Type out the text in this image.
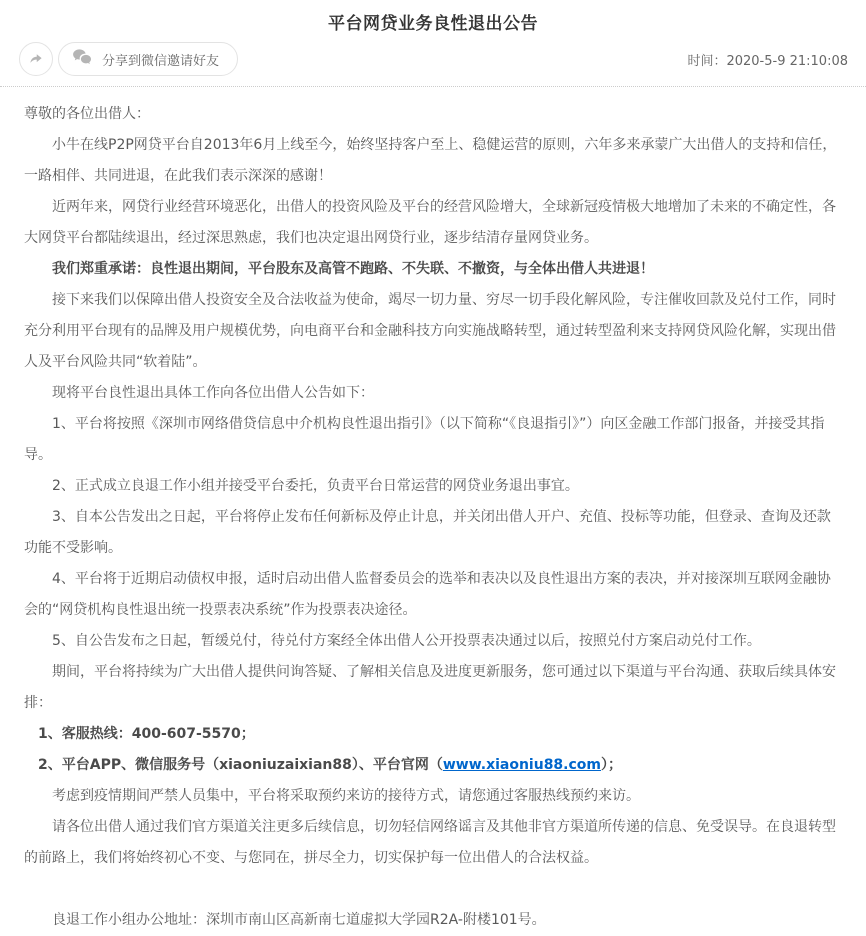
平台网贷业务良性退出公告
分享到微信邀请好友	时间：2020-5-9 21:10:08

尊敬的各位出借人：

小牛在线P2P网贷平台自2013年6月上线至今，始终坚持客户至上、稳健运营的原则，六年多来承蒙广大出借人的支持和信任，一路相伴、共同进退，在此我们表示深深的感谢！

近两年来，网贷行业经营环境恶化，出借人的投资风险及平台的经营风险增大，全球新冠疫情极大地增加了未来的不确定性，各大网贷平台都陆续退出，经过深思熟虑，我们也决定退出网贷行业，逐步结清存量网贷业务。

我们郑重承诺：良性退出期间，平台股东及高管不跑路、不失联、不撤资，与全体出借人共进退！

接下来我们以保障出借人投资安全及合法收益为使命，竭尽一切力量、穷尽一切手段化解风险，专注催收回款及兑付工作，同时充分利用平台现有的品牌及用户规模优势，向电商平台和金融科技方向实施战略转型，通过转型盈利来支持网贷风险化解，实现出借人及平台风险共同“软着陆”。

现将平台良性退出具体工作向各位出借人公告如下：

1、平台将按照《深圳市网络借贷信息中介机构良性退出指引》（以下简称“《良退指引》”）向区金融工作部门报备，并接受其指导。

2、正式成立良退工作小组并接受平台委托，负责平台日常运营的网贷业务退出事宜。

3、自本公告发出之日起，平台将停止发布任何新标及停止计息，并关闭出借人开户、充值、投标等功能，但登录、查询及还款功能不受影响。

4、平台将于近期启动债权申报，适时启动出借人监督委员会的选举和表决以及良性退出方案的表决，并对接深圳互联网金融协会的“网贷机构良性退出统一投票表决系统”作为投票表决途径。

5、自公告发布之日起，暂缓兑付，待兑付方案经全体出借人公开投票表决通过以后，按照兑付方案启动兑付工作。

期间，平台将持续为广大出借人提供问询答疑、了解相关信息及进度更新服务，您可通过以下渠道与平台沟通、获取后续具体安排：

1、客服热线：400-607-5570；

2、平台APP、微信服务号（xiaoniuzaixian88）、平台官网（www.xiaoniu88.com）；

考虑到疫情期间严禁人员集中，平台将采取预约来访的接待方式，请您通过客服热线预约来访。

请各位出借人通过我们官方渠道关注更多后续信息，切勿轻信网络谣言及其他非官方渠道所传递的信息、免受误导。在良退转型的前路上，我们将始终初心不变、与您同在，拼尽全力，切实保护每一位出借人的合法权益。

良退工作小组办公地址：深圳市南山区高新南七道虚拟大学园R2A-附楼101号。
